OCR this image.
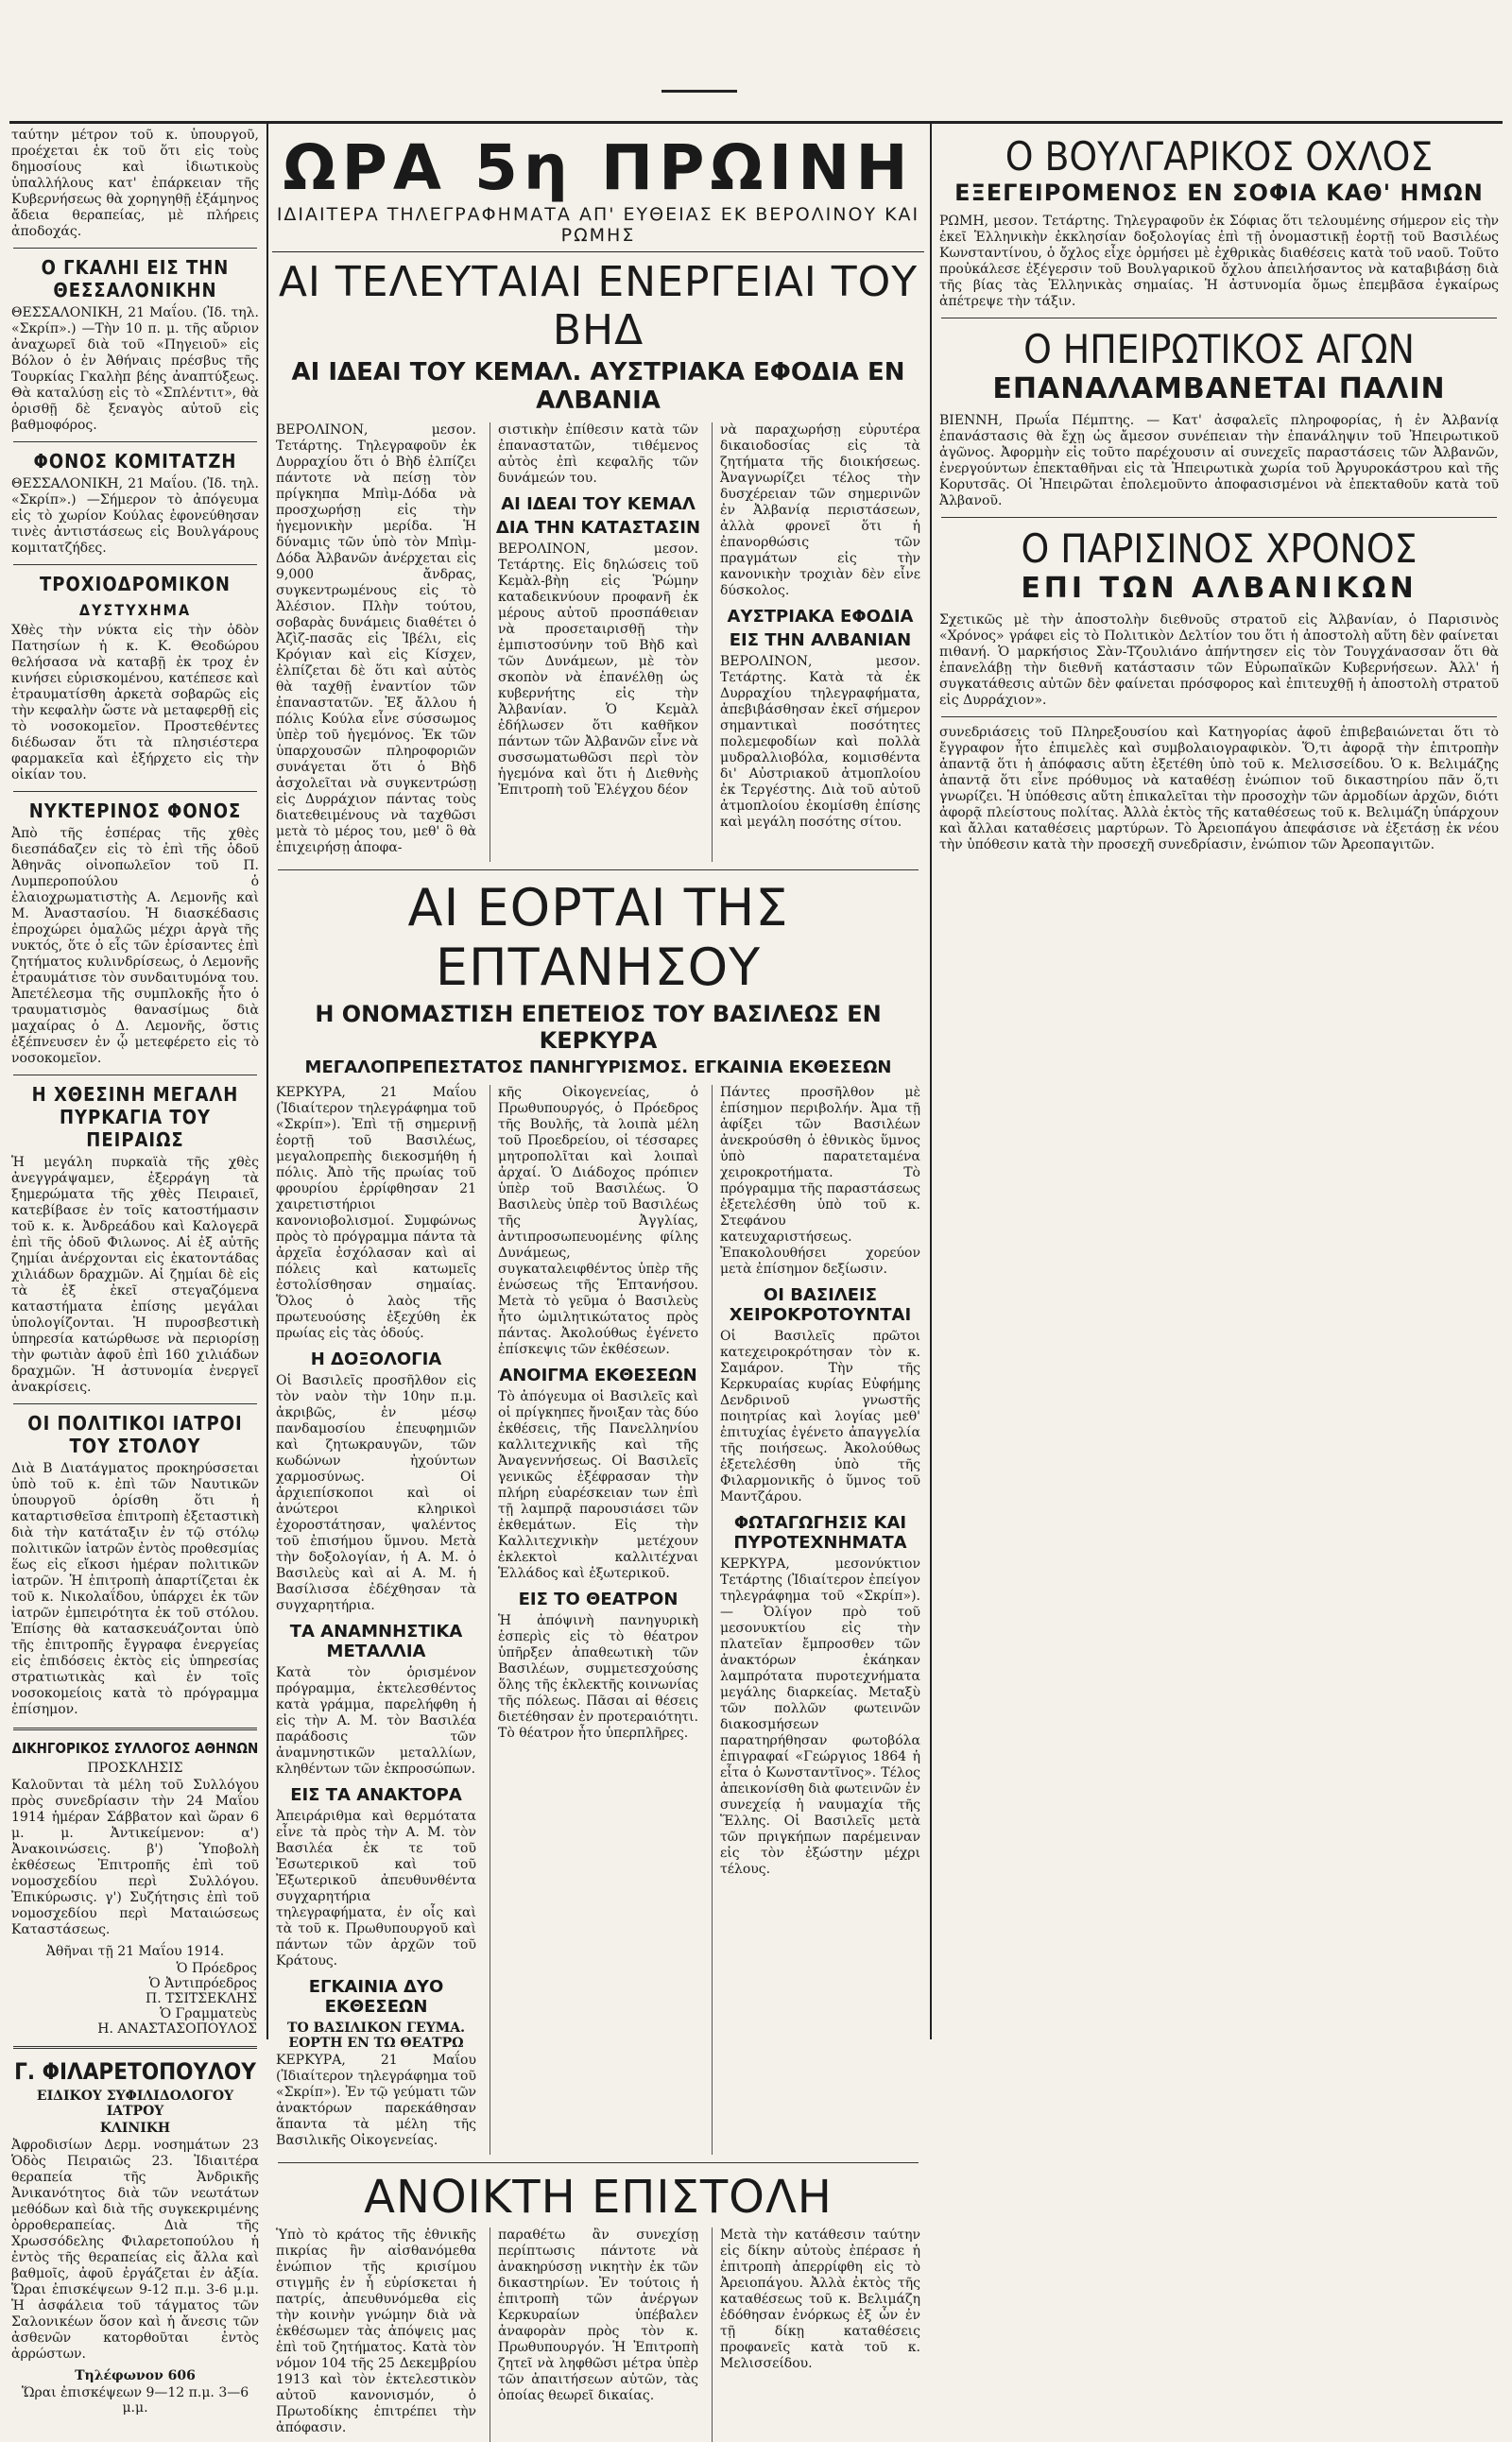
ταύτην μέτρον τοῦ κ. ὑπουργοῦ, προέχεται ἐκ τοῦ ὅτι εἰς τοὺς δημοσίους καὶ ἰδιωτικοὺς ὑπαλλήλους κατ' ἐπάρκειαν τῆς Κυβερνήσεως θὰ χορηγηθῇ ἐξάμηνος ἄδεια θεραπείας, μὲ πλήρεις ἀποδοχάς.

Ο ΓΚΑΛΗΙ ΕΙΣ ΤΗΝ ΘΕΣΣΑΛΟΝΙΚΗΝ

ΘΕΣΣΑΛΟΝΙΚΗ, 21 Μαΐου. (Ἰδ. τηλ. «Σκρίπ».) —Τὴν 10 π. μ. τῆς αὔριον ἀναχωρεῖ διὰ τοῦ «Πηγειοῦ» εἰς Βόλον ὁ ἐν Ἀθήναις πρέσβυς τῆς Τουρκίας Γκαλὴπ βέης ἀναπτύξεως. Θὰ καταλύσῃ εἰς τὸ «Σπλέντιτ», θὰ ὁρισθῇ δὲ ξεναγὸς αὐτοῦ εἰς βαθμοφόρος.

ΦΟΝΟΣ ΚΟΜΙΤΑΤΖΗ

ΘΕΣΣΑΛΟΝΙΚΗ, 21 Μαΐου. (Ἰδ. τηλ. «Σκρίπ».) —Σήμερον τὸ ἀπόγευμα εἰς τὸ χωρίον Κούλας ἐφονεύθησαν τινὲς ἀντιστάσεως εἰς Βουλγάρους κομιτατζήδες.

ΤΡΟΧΙΟΔΡΟΜΙΚΟΝ
ΔΥΣΤΥΧΗΜΑ

Χθὲς τὴν νύκτα εἰς τὴν ὁδὸν Πατησίων ἡ κ. Κ. Θεοδώρου θελήσασα νὰ καταβῇ ἐκ τροχ ἐν κινήσει εὑρισκομένου, κατέπεσε καὶ ἐτραυματίσθη ἀρκετὰ σοβαρῶς εἰς τὴν κεφαλὴν ὥστε νὰ μεταφερθῇ εἰς τὸ νοσοκομεῖον. Προστεθέντες διέδωσαν ὅτι τὰ πλησιέστερα φαρμακεῖα καὶ ἐξήρχετο εἰς τὴν οἰκίαν του.

ΝΥΚΤΕΡΙΝΟΣ ΦΟΝΟΣ

Ἀπὸ τῆς ἑσπέρας τῆς χθὲς διεσπάδαζεν εἰς τὸ ἐπὶ τῆς ὁδοῦ Ἀθηνᾶς οἰνοπωλεῖον τοῦ Π. Λυμπεροπούλου ὁ ἐλαιοχρωματιστὴς Α. Λεμονῆς καὶ Μ. Ἀναστασίου. Ἡ διασκέδασις ἐπροχώρει ὁμαλῶς μέχρι ἀργὰ τῆς νυκτός, ὅτε ὁ εἷς τῶν ἐρίσαντες ἐπὶ ζητήματος κυλινδρίσεως, ὁ Λεμονῆς ἐτραυμάτισε τὸν συνδαιτυμόνα του. Ἀπετέλεσμα τῆς συμπλοκῆς ἦτο ὁ τραυματισμὸς θανασίμως διὰ μαχαίρας ὁ Δ. Λεμονῆς, ὅστις ἐξέπνευσεν ἐν ᾧ μετεφέρετο εἰς τὸ νοσοκομεῖον.

Η ΧΘΕΣΙΝΗ ΜΕΓΑΛΗ ΠΥΡΚΑΓΙΑ ΤΟΥ ΠΕΙΡΑΙΩΣ

Ἡ μεγάλη πυρκαϊὰ τῆς χθὲς ἀνεγγράψαμεν, ἐξερράγη τὰ ξημερώματα τῆς χθὲς Πειραιεῖ, κατεβίβασε ἐν τοῖς κατοστήμασιν τοῦ κ. κ. Ἀνδρεάδου καὶ Καλογερᾶ ἐπὶ τῆς ὁδοῦ Φιλωνος. Αἱ ἐξ αὐτῆς ζημίαι ἀνέρχονται εἰς ἑκατοντάδας χιλιάδων δραχμῶν. Αἱ ζημίαι δὲ εἰς τὰ ἐξ ἐκεῖ στεγαζόμενα καταστήματα ἐπίσης μεγάλαι ὑπολογίζονται. Ἡ πυροσβεστικὴ ὑπηρεσία κατώρθωσε νὰ περιορίσῃ τὴν φωτιὰν ἀφοῦ ἐπὶ 160 χιλιάδων δραχμῶν. Ἡ ἀστυνομία ἐνεργεῖ ἀνακρίσεις.

ΟΙ ΠΟΛΙΤΙΚΟΙ ΙΑΤΡΟΙ ΤΟΥ ΣΤΟΛΟΥ

Διὰ Β Διατάγματος προκηρύσσεται ὑπὸ τοῦ κ. ἐπὶ τῶν Ναυτικῶν ὑπουργοῦ ὁρίσθη ὅτι ἡ καταρτισθεῖσα ἐπιτροπὴ ἐξεταστικὴ διὰ τὴν κατάταξιν ἐν τῷ στόλῳ πολιτικῶν ἰατρῶν ἐντὸς προθεσμίας ἕως εἰς εἴκοσι ἡμέραν πολιτικῶν ἰατρῶν. Ἡ ἐπιτροπὴ ἀπαρτίζεται ἐκ τοῦ κ. Νικολαΐδου, ὑπάρχει ἐκ τῶν ἰατρῶν ἐμπειρότητα ἐκ τοῦ στόλου. Ἐπίσης θὰ κατασκευάζονται ὑπὸ τῆς ἐπιτροπῆς ἔγγραφα ἐνεργείας εἰς ἐπιδόσεις ἐκτὸς εἰς ὑπηρεσίας στρατιωτικὰς καὶ ἐν τοῖς νοσοκομείοις κατὰ τὸ πρόγραμμα ἐπίσημον.

ΔΙΚΗΓΟΡΙΚΟΣ ΣΥΛΛΟΓΟΣ ΑΘΗΝΩΝ
ΠΡΟΣΚΛΗΣΙΣ

Καλοῦνται τὰ μέλη τοῦ Συλλόγου πρὸς συνεδρίασιν τὴν 24 Μαΐου 1914 ἡμέραν Σάββατον καὶ ὥραν 6 μ. μ. Ἀντικείμενον: α') Ἀνακοινώσεις. β') Ὑποβολὴ ἐκθέσεως Ἐπιτροπῆς ἐπὶ τοῦ νομοσχεδίου περὶ Συλλόγου. Ἐπικύρωσις. γ') Συζήτησις ἐπὶ τοῦ νομοσχεδίου περὶ Ματαιώσεως Καταστάσεως.

Ἀθῆναι τῇ 21 Μαΐου 1914.
Ὁ Πρόεδρος
Ὁ Ἀντιπρόεδρος
Π. ΤΣΙΤΣΕΚΛΗΣ
Ὁ Γραμματεὺς
Η. ΑΝΑΣΤΑΣΟΠΟΥΛΟΣ
Γ. ΦΙΛΑΡΕΤΟΠΟΥΛΟΥ
ΕΙΔΙΚΟΥ ΣΥΦΙΛΙΔΟΛΟΓΟΥ ΙΑΤΡΟΥ
ΚΛΙΝΙΚΗ

Ἀφροδισίων Δερμ. νοσημάτων 23 Ὁδὸς Πειραιῶς 23. Ἰδιαιτέρα θεραπεία τῆς Ἀνδρικῆς Ἀνικανότητος διὰ τῶν νεωτάτων μεθόδων καὶ διὰ τῆς συγκεκριμένης ὀρροθεραπείας. Διὰ τῆς Χρωσσόδελης Φιλαρετοπούλου ἡ ἐντὸς τῆς θεραπείας εἰς ἄλλα καὶ βαθμοῖς, ἀφοῦ ἐργάζεται ἐν ἀξία. Ὥραι ἐπισκέψεων 9-12 π.μ. 3-6 μ.μ. Ἡ ἀσφάλεια τοῦ τάγματος τῶν Σαλονικέων ὅσον καὶ ἡ ἄνεσις τῶν ἀσθενῶν κατορθοῦται ἐντὸς ἀρρώστων.

Τηλέφωνον 606
Ὥραι ἐπισκέψεων 9—12 π.μ. 3—6 μ.μ.
ΩΡΑ 5η ΠΡΩΙΝΗ
ΙΔΙΑΙΤΕΡΑ ΤΗΛΕΓΡΑΦΗΜΑΤΑ ΑΠ' ΕΥΘΕΙΑΣ ΕΚ ΒΕΡΟΛΙΝΟΥ ΚΑΙ ΡΩΜΗΣ
ΑΙ ΤΕΛΕΥΤΑΙΑΙ ΕΝΕΡΓΕΙΑΙ ΤΟΥ ΒΗΔ
ΑΙ ΙΔΕΑΙ ΤΟΥ ΚΕΜΑΛ. ΑΥΣΤΡΙΑΚΑ ΕΦΟΔΙΑ ΕΝ ΑΛΒΑΝΙΑ

ΒΕΡΟΛΙΝΟΝ, μεσον. Τετάρτης. Τηλεγραφοῦν ἐκ Δυρραχίου ὅτι ὁ Βὴδ ἐλπίζει πάντοτε νὰ πείσῃ τὸν πρίγκηπα Μπὶμ-Δόδα νὰ προσχωρήσῃ εἰς τὴν ἡγεμονικὴν μερίδα. Ἡ δύναμις τῶν ὑπὸ τὸν Μπὶμ-Δόδα Ἀλβανῶν ἀνέρχεται εἰς 9,000 ἄνδρας, συγκεντρωμένους εἰς τὸ Ἀλέσιον. Πλὴν τούτου, σοβαρὰς δυνάμεις διαθέτει ὁ Ἀζὶζ-πασᾶς εἰς Ἰβέλι, εἰς Κρόγιαν καὶ εἰς Κίσχεν, ἐλπίζεται δὲ ὅτι καὶ αὐτὸς θὰ ταχθῇ ἐναντίον τῶν ἐπαναστατῶν. Ἐξ ἄλλου ἡ πόλις Κούλα εἶνε σύσσωμος ὑπὲρ τοῦ ἡγεμόνος. Ἐκ τῶν ὑπαρχουσῶν πληροφοριῶν συνάγεται ὅτι ὁ Βὴδ ἀσχολεῖται νὰ συγκεντρώσῃ εἰς Δυρράχιον πάντας τοὺς διατεθειμένους νὰ ταχθῶσι μετὰ τὸ μέρος του, μεθ' ὃ θὰ ἐπιχειρήσῃ ἀποφα-

σιστικὴν ἐπίθεσιν κατὰ τῶν ἐπαναστατῶν, τιθέμενος αὐτὸς ἐπὶ κεφαλῆς τῶν δυνάμεών του.

ΑΙ ΙΔΕΑΙ ΤΟΥ ΚΕΜΑΛ
ΔΙΑ ΤΗΝ ΚΑΤΑΣΤΑΣΙΝ

ΒΕΡΟΛΙΝΟΝ, μεσον. Τετάρτης. Εἰς δηλώσεις τοῦ Κεμὰλ-βὴη εἰς Ῥώμην καταδεικνύουν προφανῆ ἐκ μέρους αὐτοῦ προσπάθειαν νὰ προσεταιρισθῇ τὴν ἐμπιστοσύνην τοῦ Βὴδ καὶ τῶν Δυνάμεων, μὲ τὸν σκοπὸν νὰ ἐπανέλθῃ ὡς κυβερνήτης εἰς τὴν Ἀλβανίαν. Ὁ Κεμὰλ ἐδήλωσεν ὅτι καθῆκον πάντων τῶν Ἀλβανῶν εἶνε νὰ συσσωματωθῶσι περὶ τὸν ἡγεμόνα καὶ ὅτι ἡ Διεθνὴς Ἐπιτροπὴ τοῦ Ἐλέγχου δέον

νὰ παραχωρήσῃ εὐρυτέρα δικαιοδοσίας εἰς τὰ ζητήματα τῆς διοικήσεως. Ἀναγνωρίζει τέλος τὴν δυσχέρειαν τῶν σημερινῶν ἐν Ἀλβανίᾳ περιστάσεων, ἀλλὰ φρονεῖ ὅτι ἡ ἐπανορθώσις τῶν πραγμάτων εἰς τὴν κανονικὴν τροχιὰν δὲν εἶνε δύσκολος.

ΑΥΣΤΡΙΑΚΑ ΕΦΟΔΙΑ
ΕΙΣ ΤΗΝ ΑΛΒΑΝΙΑΝ

ΒΕΡΟΛΙΝΟΝ, μεσον. Τετάρτης. Κατὰ τὰ ἐκ Δυρραχίου τηλεγραφήματα, ἀπεβιβάσθησαν ἐκεῖ σήμερον σημαντικαὶ ποσότητες πολεμεφοδίων καὶ πολλὰ μυδραλλιοβόλα, κομισθέντα δι' Αὐστριακοῦ ἀτμοπλοίου ἐκ Τεργέστης. Διὰ τοῦ αὐτοῦ ἀτμοπλοίου ἐκομίσθη ἐπίσης καὶ μεγάλη ποσότης σίτου.

ΑΙ ΕΟΡΤΑΙ ΤΗΣ ΕΠΤΑΝΗΣΟΥ
Η ΟΝΟΜΑΣΤΙΣΗ ΕΠΕΤΕΙΟΣ ΤΟΥ ΒΑΣΙΛΕΩΣ ΕΝ ΚΕΡΚΥΡΑ
ΜΕΓΑΛΟΠΡΕΠΕΣΤΑΤΟΣ ΠΑΝΗΓΥΡΙΣΜΟΣ. ΕΓΚΑΙΝΙΑ ΕΚΘΕΣΕΩΝ

ΚΕΡΚΥΡΑ, 21 Μαΐου (Ἰδιαίτερον τηλεγράφημα τοῦ «Σκρίπ»). Ἐπὶ τῇ σημερινῇ ἑορτῇ τοῦ Βασιλέως, μεγαλοπρεπὴς διεκοσμήθη ἡ πόλις. Ἀπὸ τῆς πρωίας τοῦ φρουρίου ἐρρίφθησαν 21 χαιρετιστήριοι κανονιοβολισμοί. Συμφώνως πρὸς τὸ πρόγραμμα πάντα τὰ ἀρχεῖα ἐσχόλασαν καὶ αἱ πόλεις καὶ κατωμεῖς ἐστολίσθησαν σημαίας. Ὅλος ὁ λαὸς τῆς πρωτευούσης ἐξεχύθη ἐκ πρωίας εἰς τὰς ὁδούς.

Η ΔΟΞΟΛΟΓΙΑ

Οἱ Βασιλεῖς προσῆλθον εἰς τὸν ναὸν τὴν 10ην π.μ. ἀκριβῶς, ἐν μέσῳ πανδαμοσίου ἐπευφημιῶν καὶ ζητωκραυγῶν, τῶν κωδώνων ἠχούντων χαρμοσύνως. Οἱ ἀρχιεπίσκοποι καὶ οἱ ἀνώτεροι κληρικοὶ ἐχοροστάτησαν, ψαλέντος τοῦ ἐπισήμου ὕμνου. Μετὰ τὴν δοξολογίαν, ἡ Α. Μ. ὁ Βασιλεὺς καὶ αἱ Α. Μ. ἡ Βασίλισσα ἐδέχθησαν τὰ συγχαρητήρια.

ΤΑ ΑΝΑΜΝΗΣΤΙΚΑ ΜΕΤΑΛΛΙΑ

Κατὰ τὸν ὁρισμένον πρόγραμμα, ἐκτελεσθέντος κατὰ γράμμα, παρελήφθη ἡ εἰς τὴν Α. Μ. τὸν Βασιλέα παράδοσις τῶν ἀναμνηστικῶν μεταλλίων, κληθέντων τῶν ἐκπροσώπων.

ΕΙΣ ΤΑ ΑΝΑΚΤΟΡΑ

Ἀπειράριθμα καὶ θερμότατα εἶνε τὰ πρὸς τὴν Α. Μ. τὸν Βασιλέα ἐκ τε τοῦ Ἐσωτερικοῦ καὶ τοῦ Ἐξωτερικοῦ ἀπευθυνθέντα συγχαρητήρια τηλεγραφήματα, ἐν οἷς καὶ τὰ τοῦ κ. Πρωθυπουργοῦ καὶ πάντων τῶν ἀρχῶν τοῦ Κράτους.

ΕΓΚΑΙΝΙΑ ΔΥΟ ΕΚΘΕΣΕΩΝ
ΤΟ ΒΑΣΙΛΙΚΟΝ ΓΕΥΜΑ. ΕΟΡΤΗ ΕΝ ΤΩ ΘΕΑΤΡΩ

ΚΕΡΚΥΡΑ, 21 Μαΐου (Ἰδιαίτερον τηλεγράφημα τοῦ «Σκρίπ»). Ἐν τῷ γεύματι τῶν ἀνακτόρων παρεκάθησαν ἅπαντα τὰ μέλη τῆς Βασιλικῆς Οἰκογενείας.

κῆς Οἰκογενείας, ὁ Πρωθυπουργός, ὁ Πρόεδρος τῆς Βουλῆς, τὰ λοιπὰ μέλη τοῦ Προεδρείου, οἱ τέσσαρες μητροπολῖται καὶ λοιπαὶ ἀρχαί. Ὁ Διάδοχος πρόπιεν ὑπὲρ τοῦ Βασιλέως. Ὁ Βασιλεὺς ὑπὲρ τοῦ Βασιλέως τῆς Ἀγγλίας, ἀντιπροσωπευομένης φίλης Δυνάμεως, συγκαταλειφθέντος ὑπὲρ τῆς ἑνώσεως τῆς Ἑπτανήσου. Μετὰ τὸ γεῦμα ὁ Βασιλεὺς ἦτο ὡμιλητικώτατος πρὸς πάντας. Ἀκολούθως ἐγένετο ἐπίσκεψις τῶν ἐκθέσεων.

ΑΝΟΙΓΜΑ ΕΚΘΕΣΕΩΝ

Τὸ ἀπόγευμα οἱ Βασιλεῖς καὶ οἱ πρίγκηπες ἤνοιξαν τὰς δύο ἐκθέσεις, τῆς Πανελληνίου καλλιτεχνικῆς καὶ τῆς Ἀναγεννήσεως. Οἱ Βασιλεῖς γενικῶς ἐξέφρασαν τὴν πλήρη εὐαρέσκειαν των ἐπὶ τῇ λαμπρᾷ παρουσιάσει τῶν ἐκθεμάτων. Εἰς τὴν Καλλιτεχνικὴν μετέχουν ἐκλεκτοὶ καλλιτέχναι Ἑλλάδος καὶ ἐξωτερικοῦ.

ΕΙΣ ΤΟ ΘΕΑΤΡΟΝ

Ἡ ἀπόψινὴ πανηγυρικὴ ἑσπερὶς εἰς τὸ θέατρον ὑπῆρξεν ἀπαθεωτικὴ τῶν Βασιλέων, συμμετεσχούσης ὅλης τῆς ἐκλεκτῆς κοινωνίας τῆς πόλεως. Πᾶσαι αἱ θέσεις διετέθησαν ἐν προτεραιότητι. Τὸ θέατρον ἦτο ὑπερπλῆρες.

Πάντες προσῆλθον μὲ ἐπίσημον περιβολήν. Ἀμα τῇ ἀφίξει τῶν Βασιλέων ἀνεκρούσθη ὁ ἐθνικὸς ὕμνος ὑπὸ παρατεταμένα χειροκροτήματα. Τὸ πρόγραμμα τῆς παραστάσεως ἐξετελέσθη ὑπὸ τοῦ κ. Στεφάνου κατευχαριστήσεως. Ἐπακολουθήσει χορεύον μετὰ ἐπίσημον δεξίωσιν.

ΟΙ ΒΑΣΙΛΕΙΣ ΧΕΙΡΟΚΡΟΤΟΥΝΤΑΙ

Οἱ Βασιλεῖς πρῶτοι κατεχειροκρότησαν τὸν κ. Σαμάρον. Τὴν τῆς Κερκυραίας κυρίας Εὐφήμης Δενδρινοῦ γνωστῆς ποιητρίας καὶ λογίας μεθ' ἐπιτυχίας ἐγένετο ἀπαγγελία τῆς ποιήσεως. Ἀκολούθως ἐξετελέσθη ὑπὸ τῆς Φιλαρμονικῆς ὁ ὕμνος τοῦ Μαντζάρου.

ΦΩΤΑΓΩΓΗΣΙΣ ΚΑΙ ΠΥΡΟΤΕΧΝΗΜΑΤΑ

ΚΕΡΚΥΡΑ, μεσονύκτιον Τετάρτης (Ἰδιαίτερον ἐπείγον τηλεγράφημα τοῦ «Σκρίπ»). — Ὀλίγον πρὸ τοῦ μεσονυκτίου εἰς τὴν πλατεῖαν ἔμπροσθεν τῶν ἀνακτόρων ἐκάηκαν λαμπρότατα πυροτεχνήματα μεγάλης διαρκείας. Μεταξὺ τῶν πολλῶν φωτεινῶν διακοσμήσεων παρατηρήθησαν φωτοβόλα ἐπιγραφαί «Γεώργιος 1864 ἡ εἶτα ὁ Κωνσταντῖνος». Τέλος ἀπεικονίσθη διὰ φωτεινῶν ἐν συνεχείᾳ ἡ ναυμαχία τῆς Ἕλλης. Οἱ Βασιλεῖς μετὰ τῶν πριγκήπων παρέμειναν εἰς τὸν ἐξώστην μέχρι τέλους.

ΑΝΟΙΚΤΗ ΕΠΙΣΤΟΛΗ

Ὑπὸ τὸ κράτος τῆς ἐθνικῆς πικρίας ἣν αἰσθανόμεθα ἐνώπιον τῆς κρισίμου στιγμῆς ἐν ἧ εὑρίσκεται ἡ πατρίς, ἀπευθυνόμεθα εἰς τὴν κοινὴν γνώμην διὰ νὰ ἐκθέσωμεν τὰς ἀπόψεις μας ἐπὶ τοῦ ζητήματος. Κατὰ τὸν νόμον 104 τῆς 25 Δεκεμβρίου 1913 καὶ τὸν ἐκτελεστικὸν αὐτοῦ κανονισμόν, ὁ Πρωτοδίκης ἐπιτρέπει τὴν ἀπόφασιν.

παραθέτω ἂν συνεχίσῃ περίπτωσις πάντοτε νὰ ἀνακηρύσσῃ νικητὴν ἐκ τῶν δικαστηρίων. Ἐν τούτοις ἡ ἐπιτροπὴ τῶν ἀνέργων Κερκυραίων ὑπέβαλεν ἀναφορὰν πρὸς τὸν κ. Πρωθυπουργόν. Ἡ Ἐπιτροπὴ ζητεῖ νὰ ληφθῶσι μέτρα ὑπὲρ τῶν ἀπαιτήσεων αὐτῶν, τὰς ὁποίας θεωρεῖ δικαίας.

Μετὰ τὴν κατάθεσιν ταύτην εἰς δίκην αὐτοὺς ἐπέρασε ἡ ἐπιτροπὴ ἀπερρίφθη εἰς τὸ Ἀρειοπάγου. Ἀλλὰ ἐκτὸς τῆς καταθέσεως τοῦ κ. Βελιμάζη ἐδόθησαν ἐνόρκως ἐξ ὧν ἐν τῇ δίκῃ καταθέσεις προφανεῖς κατὰ τοῦ κ. Μελισσείδου.

Ο ΒΟΥΛΓΑΡΙΚΟΣ ΟΧΛΟΣ
ΕΞΕΓΕΙΡΟΜΕΝΟΣ ΕΝ ΣΟΦΙΑ ΚΑΘ' ΗΜΩΝ

ΡΩΜΗ, μεσον. Τετάρτης. Τηλεγραφοῦν ἐκ Σόφιας ὅτι τελουμένης σήμερον εἰς τὴν ἐκεῖ Ἑλληνικὴν ἐκκλησίαν δοξολογίας ἐπὶ τῇ ὀνομαστικῇ ἑορτῇ τοῦ Βασιλέως Κωνσταντίνου, ὁ ὄχλος εἶχε ὁρμήσει μὲ ἐχθρικὰς διαθέσεις κατὰ τοῦ ναοῦ. Τοῦτο προὐκάλεσε ἐξέγερσιν τοῦ Βουλγαρικοῦ ὄχλου ἀπειλήσαντος νὰ καταβιβάσῃ διὰ τῆς βίας τὰς Ἑλληνικὰς σημαίας. Ἡ ἀστυνομία ὅμως ἐπεμβᾶσα ἐγκαίρως ἀπέτρεψε τὴν τάξιν.

Ο ΗΠΕΙΡΩΤΙΚΟΣ ΑΓΩΝ
ΕΠΑΝΑΛΑΜΒΑΝΕΤΑΙ ΠΑΛΙΝ

ΒΙΕΝΝΗ, Πρωΐα Πέμπτης. — Κατ' ἀσφαλεῖς πληροφορίας, ἡ ἐν Ἀλβανίᾳ ἐπανάστασις θὰ ἔχῃ ὡς ἄμεσον συνέπειαν τὴν ἐπανάληψιν τοῦ Ἠπειρωτικοῦ ἀγῶνος. Ἀφορμὴν εἰς τοῦτο παρέχουσιν αἱ συνεχεῖς παραστάσεις τῶν Ἀλβανῶν, ἐνεργούντων ἐπεκταθῆναι εἰς τὰ Ἠπειρωτικὰ χωρία τοῦ Ἀργυροκάστρου καὶ τῆς Κορυτσᾶς. Οἱ Ἠπειρῶται ἐπολεμοῦντο ἀποφασισμένοι νὰ ἐπεκταθοῦν κατὰ τοῦ Ἀλβανοῦ.

Ο ΠΑΡΙΣΙΝΟΣ ΧΡΟΝΟΣ
ΕΠΙ ΤΩΝ ΑΛΒΑΝΙΚΩΝ

Σχετικῶς μὲ τὴν ἀποστολὴν διεθνοῦς στρατοῦ εἰς Ἀλβανίαν, ὁ Παρισινὸς «Χρόνος» γράφει εἰς τὸ Πολιτικὸν Δελτίον του ὅτι ἡ ἀποστολὴ αὕτη δὲν φαίνεται πιθανή. Ὁ μαρκήσιος Σὰν-Τζουλιάνο ἀπήντησεν εἰς τὸν Τουγχάνασσαν ὅτι θὰ ἐπανελάβῃ τὴν διεθνῆ κατάστασιν τῶν Εὐρωπαϊκῶν Κυβερνήσεων. Ἀλλ' ἡ συγκατάθεσις αὐτῶν δὲν φαίνεται πρόσφορος καὶ ἐπιτευχθῇ ἡ ἀποστολὴ στρατοῦ εἰς Δυρράχιον».

συνεδριάσεις τοῦ Πληρεξουσίου καὶ Κατηγορίας ἀφοῦ ἐπιβεβαιώνεται ὅτι τὸ ἔγγραφον ἦτο ἐπιμελὲς καὶ συμβολαιογραφικὸν. Ὅ,τι ἀφορᾷ τὴν ἐπιτροπὴν ἀπαντᾷ ὅτι ἡ ἀπόφασις αὕτη ἐξετέθη ὑπὸ τοῦ κ. Μελισσείδου. Ὁ κ. Βελιμάζης ἀπαντᾷ ὅτι εἶνε πρόθυμος νὰ καταθέσῃ ἐνώπιον τοῦ δικαστηρίου πᾶν ὅ,τι γνωρίζει. Ἡ ὑπόθεσις αὕτη ἐπικαλεῖται τὴν προσοχὴν τῶν ἀρμοδίων ἀρχῶν, διότι ἀφορᾷ πλείστους πολίτας. Ἀλλὰ ἐκτὸς τῆς καταθέσεως τοῦ κ. Βελιμάζη ὑπάρχουν καὶ ἄλλαι καταθέσεις μαρτύρων. Τὸ Ἀρειοπάγου ἀπεφάσισε νὰ ἐξετάσῃ ἐκ νέου τὴν ὑπόθεσιν κατὰ τὴν προσεχῆ συνεδρίασιν, ἐνώπιον τῶν Ἀρεοπαγιτῶν.
